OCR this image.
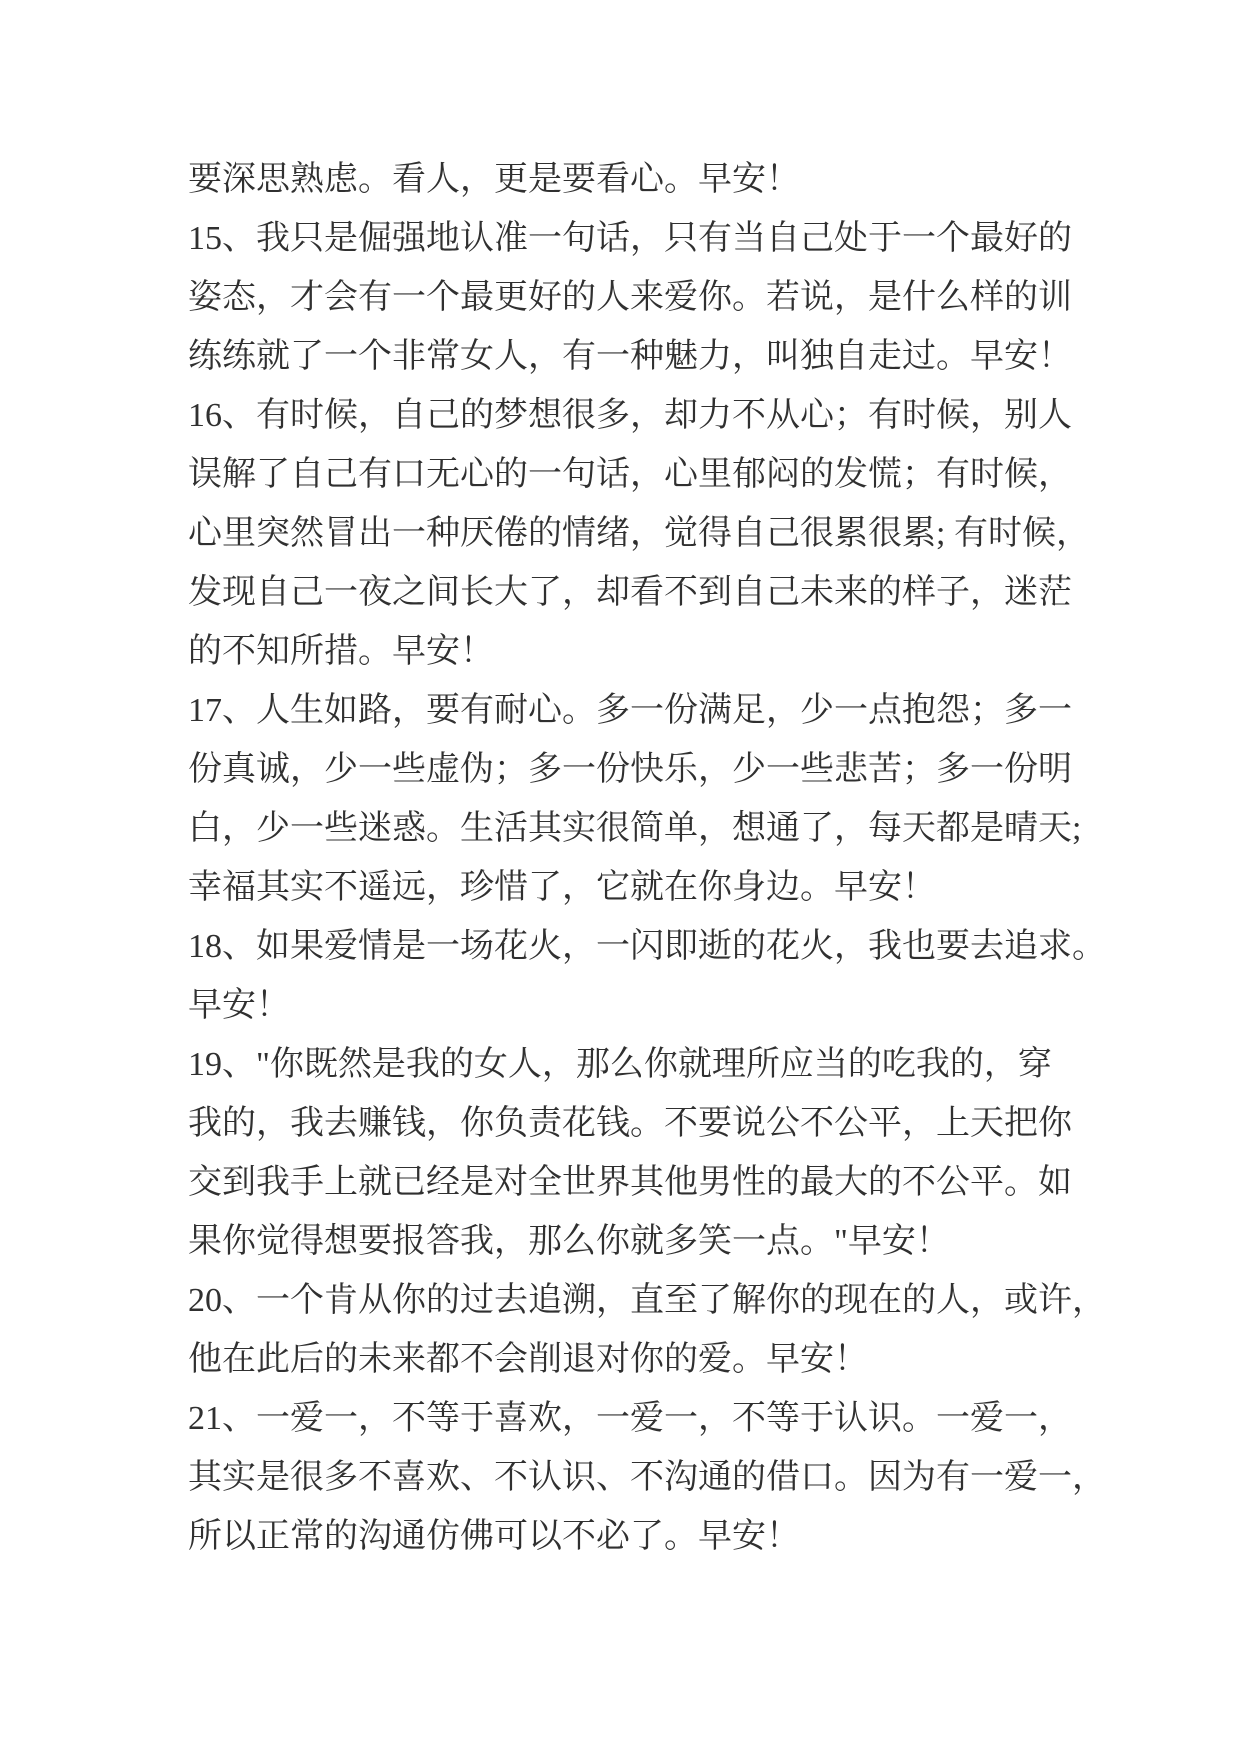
要深思熟虑。看人，更是要看心。早安！
15、我只是倔强地认准一句话，只有当自己处于一个最好的
姿态，才会有一个最更好的人来爱你。若说，是什么样的训
练练就了一个非常女人，有一种魅力，叫独自走过。早安！
16、有时候，自己的梦想很多，却力不从心；有时候，别人
误解了自己有口无心的一句话，心里郁闷的发慌；有时候，
心里突然冒出一种厌倦的情绪，觉得自己很累很累; 有时候，
发现自己一夜之间长大了，却看不到自己未来的样子，迷茫
的不知所措。早安！
17、人生如路，要有耐心。多一份满足，少一点抱怨；多一
份真诚，少一些虚伪；多一份快乐，少一些悲苦；多一份明
白，少一些迷惑。生活其实很简单，想通了，每天都是晴天;
幸福其实不遥远，珍惜了，它就在你身边。早安！
18、如果爱情是一场花火，一闪即逝的花火，我也要去追求。
早安！
19、"你既然是我的女人，那么你就理所应当的吃我的，穿
我的，我去赚钱，你负责花钱。不要说公不公平，上天把你
交到我手上就已经是对全世界其他男性的最大的不公平。如
果你觉得想要报答我，那么你就多笑一点。"早安！
20、一个肯从你的过去追溯，直至了解你的现在的人，或许，
他在此后的未来都不会削退对你的爱。早安！
21、一爱一，不等于喜欢，一爱一，不等于认识。一爱一，
其实是很多不喜欢、不认识、不沟通的借口。因为有一爱一，
所以正常的沟通仿佛可以不必了。早安！
